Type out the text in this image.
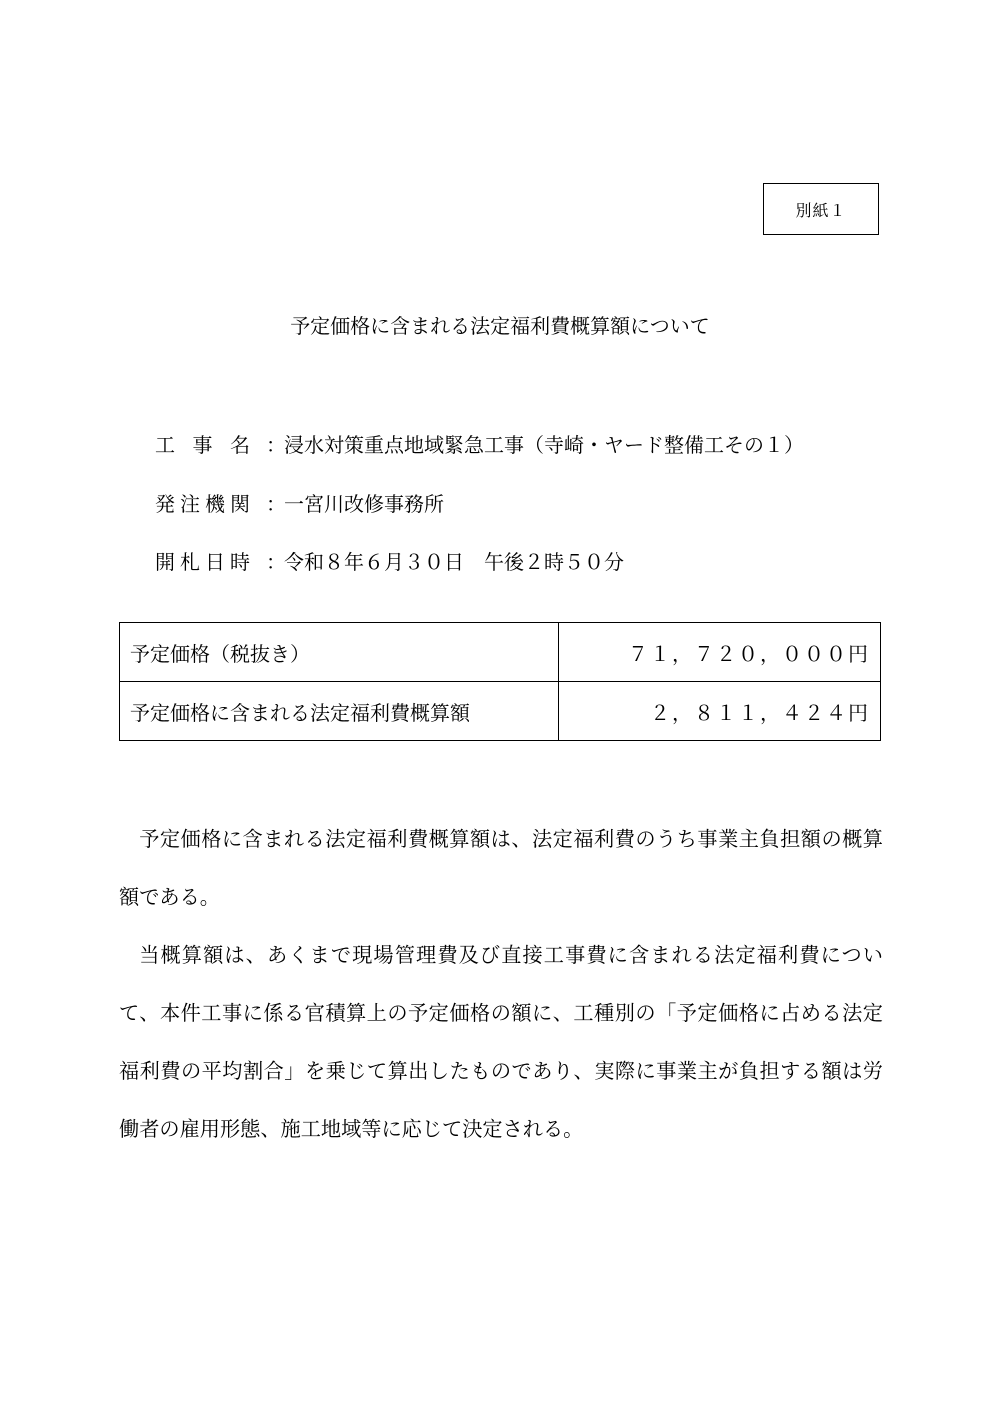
別紙１
予定価格に含まれる法定福利費概算額について
工 事 名 ：
浸水対策重点地域緊急工事（寺崎・ヤード整備工その１）
発注機関 ：
一宮川改修事務所
開札日時 ：
令和８年６月３０日　午後２時５０分
予定価格（税抜き）	７１，７２０，０００円
予定価格に含まれる法定福利費概算額	２，８１１，４２４円

予定価格に含まれる法定福利費概算額は、法定福利費のうち事業主負担額の概算額である。

当概算額は、あくまで現場管理費及び直接工事費に含まれる法定福利費について、本件工事に係る官積算上の予定価格の額に、工種別の「予定価格に占める法定福利費の平均割合」を乗じて算出したものであり、実際に事業主が負担する額は労働者の雇用形態、施工地域等に応じて決定される。
